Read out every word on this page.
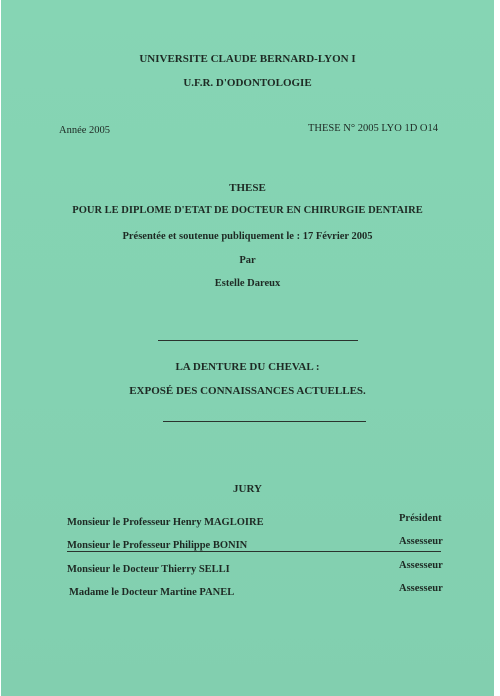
UNIVERSITE CLAUDE BERNARD-LYON I
U.F.R. D'ODONTOLOGIE
Année 2005	THESE N° 2005 LYO 1D O14
THESE
POUR LE DIPLOME D'ETAT DE DOCTEUR EN CHIRURGIE DENTAIRE
Présentée et soutenue publiquement le : 17 Février 2005
Par
Estelle Dareux
LA DENTURE DU CHEVAL :
EXPOSÉ DES CONNAISSANCES ACTUELLES.
JURY
Monsieur le Professeur Henry MAGLOIRE	Président
Monsieur le Professeur Philippe BONIN	Assesseur
Monsieur le Docteur Thierry SELLI	Assesseur
Madame le Docteur Martine PANEL	Assesseur
